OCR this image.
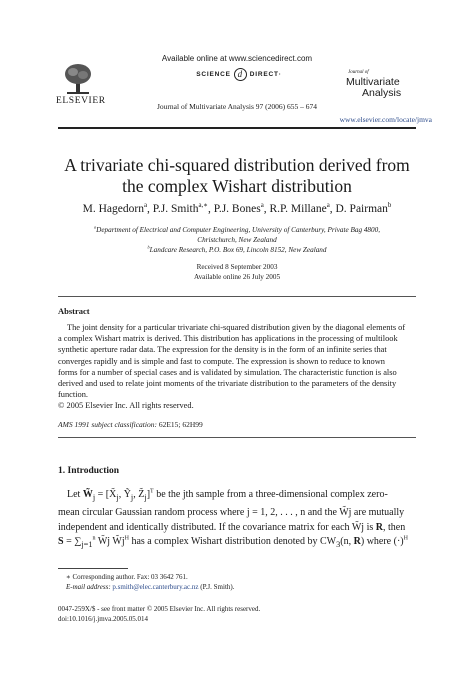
Available online at www.sciencedirect.com
SCIENCE d	DIRECT·
ELSEVIER
Journal of Multivariate Analysis 97 (2006) 655 – 674
Journal of
Multivariate
Analysis
www.elsevier.com/locate/jmva
A trivariate chi-squared distribution derived from
the complex Wishart distribution
M. Hagedorn$^a$, P.J. Smith$^{a,∗}$, P.J. Bones$^a$, R.P. Millane$^a$, D. Pairman$^b$
$^a$Department of Electrical and Computer Engineering, University of Canterbury, Private Bag 4800,
Christchurch, New Zealand
$^b$Landcare Research, P.O. Box 69, Lincoln 8152, New Zealand
Received 8 September 2003
Available online 26 July 2005
Abstract
The joint density for a particular trivariate chi-squared distribution given by the diagonal elements of
a complex Wishart matrix is derived. This distribution has applications in the processing of multilook
synthetic aperture radar data. The expression for the density is in the form of an infinite series that
converges rapidly and is simple and fast to compute. The expression is shown to reduce to known
forms for a number of special cases and is validated by simulation. The characteristic function is also
derived and used to relate joint moments of the trivariate distribution to the parameters of the density
function.
© 2005 Elsevier Inc. All rights reserved.
AMS 1991 subject classification: 62E15; 62H99
1. Introduction
Let $W̃_j$ = [$X̃_j$, $Ỹ_j$, $Z̃_j]^T$ be the jth sample from a three-dimensional complex zero-
mean circular Gaussian random process where j = 1, 2, . . . , n and the W̃j are mutually
independent and identically distributed. If the covariance matrix for each W̃j is R, then
$S = \sum_{j=1}^n$ W̃j $W̃j^H$ has a complex Wishart distribution denoted by $CW_3(n$, R) where $(\cdot)^H$
∗ Corresponding author. Fax: 03 3642 761.
E-mail address: p.smith@elec.canterbury.ac.nz (P.J. Smith).
0047-259X/$ - see front matter © 2005 Elsevier Inc. All rights reserved.
doi:10.1016/j.jmva.2005.05.014
